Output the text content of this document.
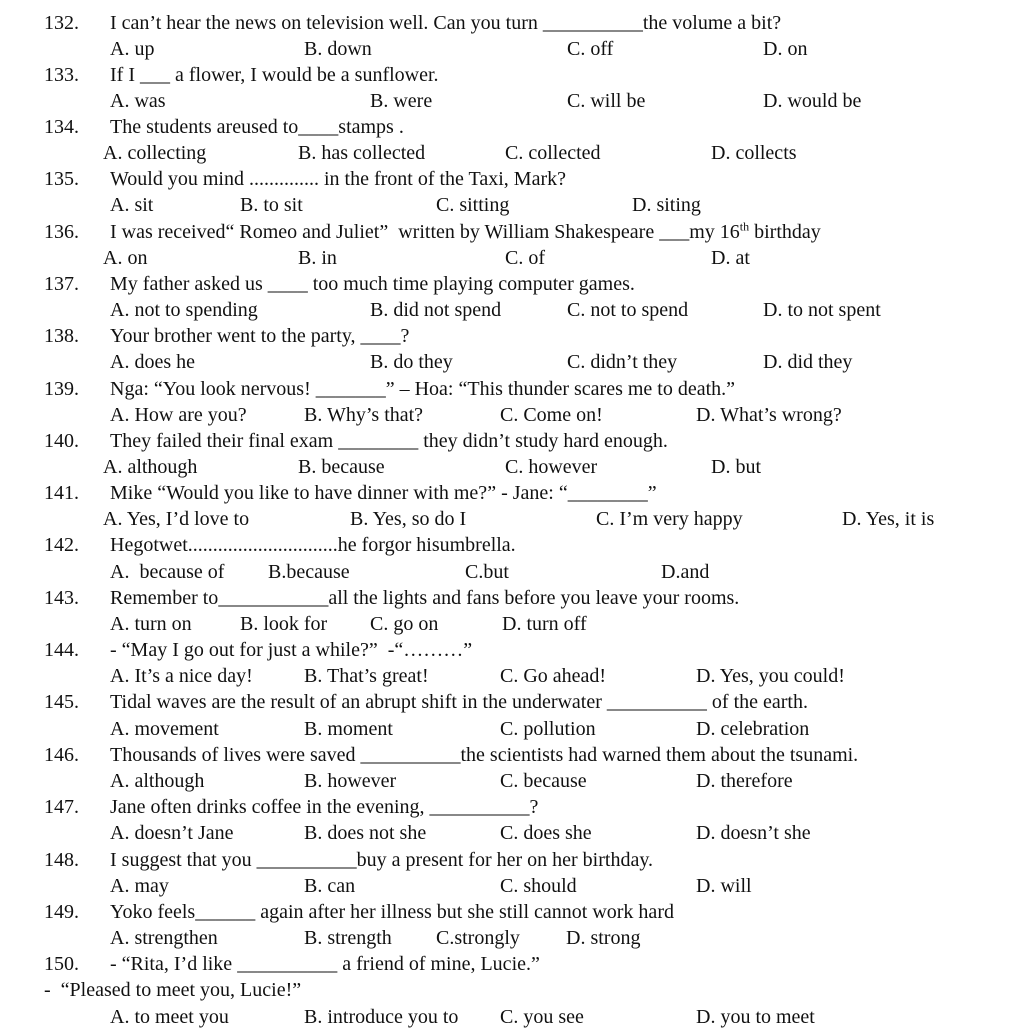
132. I can’t hear the news on television well. Can you turn __________the volume a bit?
A. up	B. down	C. off	D. on
133. If I ___ a flower, I would be a sunflower.
A. was	B. were	C. will be	D. would be
134. The students areused to____stamps .
A. collecting	B. has collected	C. collected	D. collects
135. Would you mind .............. in the front of the Taxi, Mark?
A. sit	B. to sit	C. sitting	D. siting
136. I was received“ Romeo and Juliet”  written by William Shakespeare ___my 16th birthday
A. on	B. in	C. of	D. at
137. My father asked us ____ too much time playing computer games.
A. not to spending	B. did not spend	C. not to spend	D. to not spent
138. Your brother went to the party, ____?
A. does he	B. do they	C. didn’t they	D. did they
139. Nga: “You look nervous! _______” – Hoa: “This thunder scares me to death.”
A. How are you?	B. Why’s that?	C. Come on!	D. What’s wrong?
140. They failed their final exam ________ they didn’t study hard enough.
A. although	B. because	C. however	D. but
141. Mike “Would you like to have dinner with me?” - Jane: “________”
A. Yes, I’d love to	B. Yes, so do I	C. I’m very happy	D. Yes, it is
142. Hegotwet..............................he forgor hisumbrella.
A.  because of B.because	C.but	D.and
143. Remember to___________all the lights and fans before you leave your rooms.
A. turn on B. look for C. go on	D. turn off
144. - “May I go out for just a while?”  -“………”
A. It’s a nice day!	B. That’s great!	C. Go ahead!	D. Yes, you could!
145. Tidal waves are the result of an abrupt shift in the underwater __________ of the earth.
A. movement	B. moment	C. pollution	D. celebration
146. Thousands of lives were saved __________the scientists had warned them about the tsunami.
A. although	B. however	C. because	D. therefore
147. Jane often drinks coffee in the evening, __________?
A. doesn’t Jane	B. does not she	C. does she	D. doesn’t she
148. I suggest that you __________buy a present for her on her birthday.
A. may	B. can	C. should	D. will
149. Yoko feels______ again after her illness but she still cannot work hard
A. strengthen	B. strength C.strongly D. strong
150. - “Rita, I’d like __________ a friend of mine, Lucie.”
-  “Pleased to meet you, Lucie!”
A. to meet you	B. introduce you to C. you see	D. you to meet
